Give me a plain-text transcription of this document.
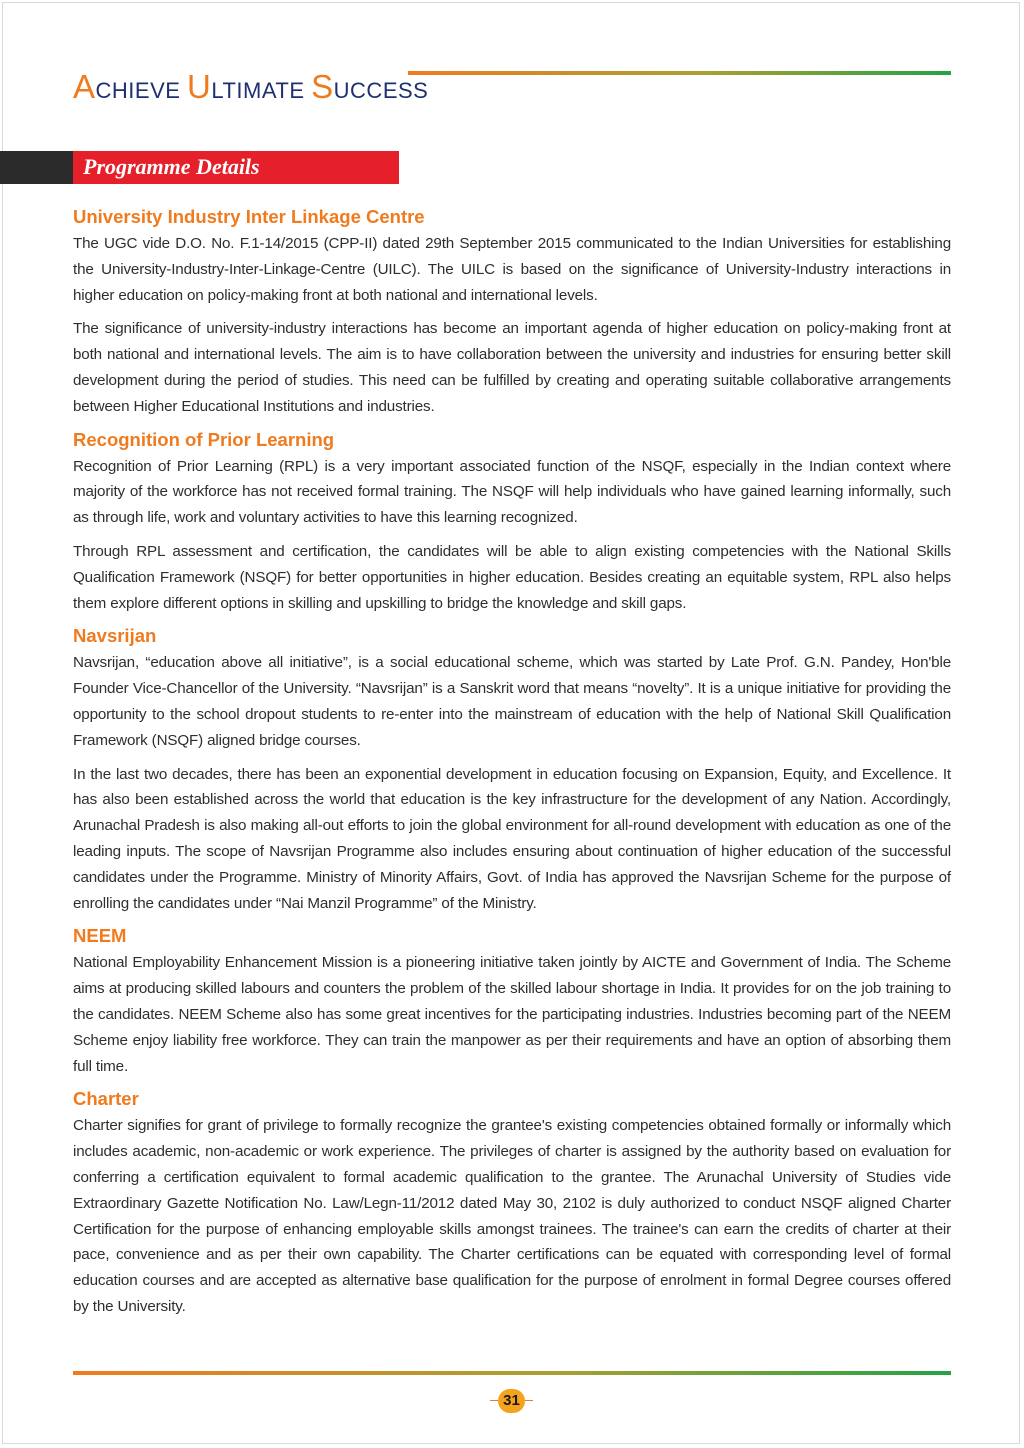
ACHIEVE ULTIMATE SUCCESS
Programme Details
University Industry Inter Linkage Centre

The UGC vide D.O. No. F.1-14/2015 (CPP-II) dated 29th September 2015 communicated to the Indian Universities for establishing the University-Industry-Inter-Linkage-Centre (UILC). The UILC is based on the significance of University-Industry interactions in higher education on policy-making front at both national and international levels.

The significance of university-industry interactions has become an important agenda of higher education on policy-making front at both national and international levels. The aim is to have collaboration between the university and industries for ensuring better skill development during the period of studies. This need can be fulfilled by creating and operating suitable collaborative arrangements between Higher Educational Institutions and industries.

Recognition of Prior Learning

Recognition of Prior Learning (RPL) is a very important associated function of the NSQF, especially in the Indian context where majority of the workforce has not received formal training. The NSQF will help individuals who have gained learning informally, such as through life, work and voluntary activities to have this learning recognized.

Through RPL assessment and certification, the candidates will be able to align existing competencies with the National Skills Qualification Framework (NSQF) for better opportunities in higher education. Besides creating an equitable system, RPL also helps them explore different options in skilling and upskilling to bridge the knowledge and skill gaps.

Navsrijan

Navsrijan, “education above all initiative”, is a social educational scheme, which was started by Late Prof. G.N. Pandey, Hon'ble Founder Vice-Chancellor of the University. “Navsrijan” is a Sanskrit word that means “novelty”. It is a unique initiative for providing the opportunity to the school dropout students to re-enter into the mainstream of education with the help of National Skill Qualification Framework (NSQF) aligned bridge courses.

In the last two decades, there has been an exponential development in education focusing on Expansion, Equity, and Excellence. It has also been established across the world that education is the key infrastructure for the development of any Nation. Accordingly, Arunachal Pradesh is also making all-out efforts to join the global environment for all-round development with education as one of the leading inputs. The scope of Navsrijan Programme also includes ensuring about continuation of higher education of the successful candidates under the Programme. Ministry of Minority Affairs, Govt. of India has approved the Navsrijan Scheme for the purpose of enrolling the candidates under “Nai Manzil Programme” of the Ministry.

NEEM

National Employability Enhancement Mission is a pioneering initiative taken jointly by AICTE and Government of India. The Scheme aims at producing skilled labours and counters the problem of the skilled labour shortage in India. It provides for on the job training to the candidates. NEEM Scheme also has some great incentives for the participating industries. Industries becoming part of the NEEM Scheme enjoy liability free workforce. They can train the manpower as per their requirements and have an option of absorbing them full time.

Charter

Charter signifies for grant of privilege to formally recognize the grantee's existing competencies obtained formally or informally which includes academic, non-academic or work experience. The privileges of charter is assigned by the authority based on evaluation for conferring a certification equivalent to formal academic qualification to the grantee. The Arunachal University of Studies vide Extraordinary Gazette Notification No. Law/Legn-11/2012 dated May 30, 2102 is duly authorized to conduct NSQF aligned Charter Certification for the purpose of enhancing employable skills amongst trainees. The trainee's can earn the credits of charter at their pace, convenience and as per their own capability. The Charter certifications can be equated with corresponding level of formal education courses and are accepted as alternative base qualification for the purpose of enrolment in formal Degree courses offered by the University.

31
